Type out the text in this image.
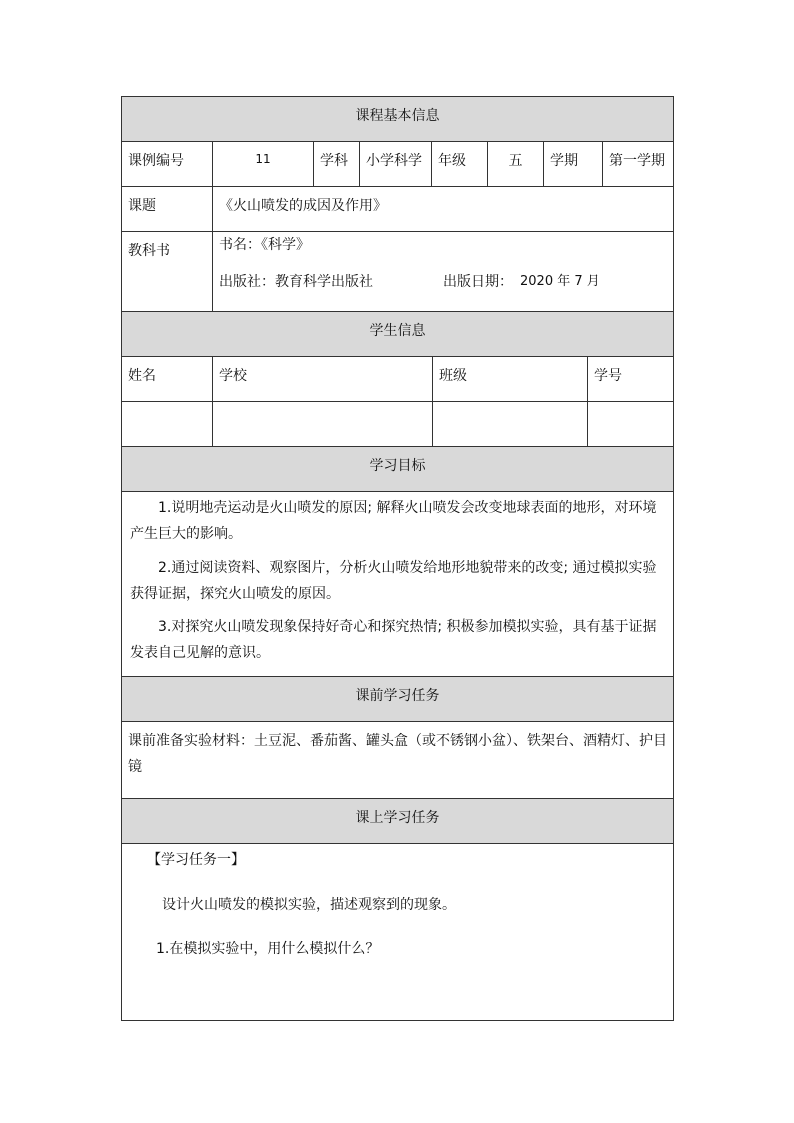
课程基本信息
课例编号	11	学科	小学科学	年级	五	学期	第一学期
课题	《火山喷发的成因及作用》
教科书	书名：《科学》
出版社：教育科学出版社	出版日期： 2020 年 7 月
学生信息
姓名	学校	班级	学号
学习目标
1.说明地壳运动是火山喷发的原因; 解释火山喷发会改变地球表面的地形，对环境产生巨大的影响。
2.通过阅读资料、观察图片，分析火山喷发给地形地貌带来的改变; 通过模拟实验获得证据，探究火山喷发的原因。
3.对探究火山喷发现象保持好奇心和探究热情; 积极参加模拟实验，具有基于证据发表自己见解的意识。
课前学习任务
课前准备实验材料：土豆泥、番茄酱、罐头盒（或不锈钢小盆）、铁架台、酒精灯、护目镜
课上学习任务
【学习任务一】
设计火山喷发的模拟实验，描述观察到的现象。
1.在模拟实验中，用什么模拟什么？
